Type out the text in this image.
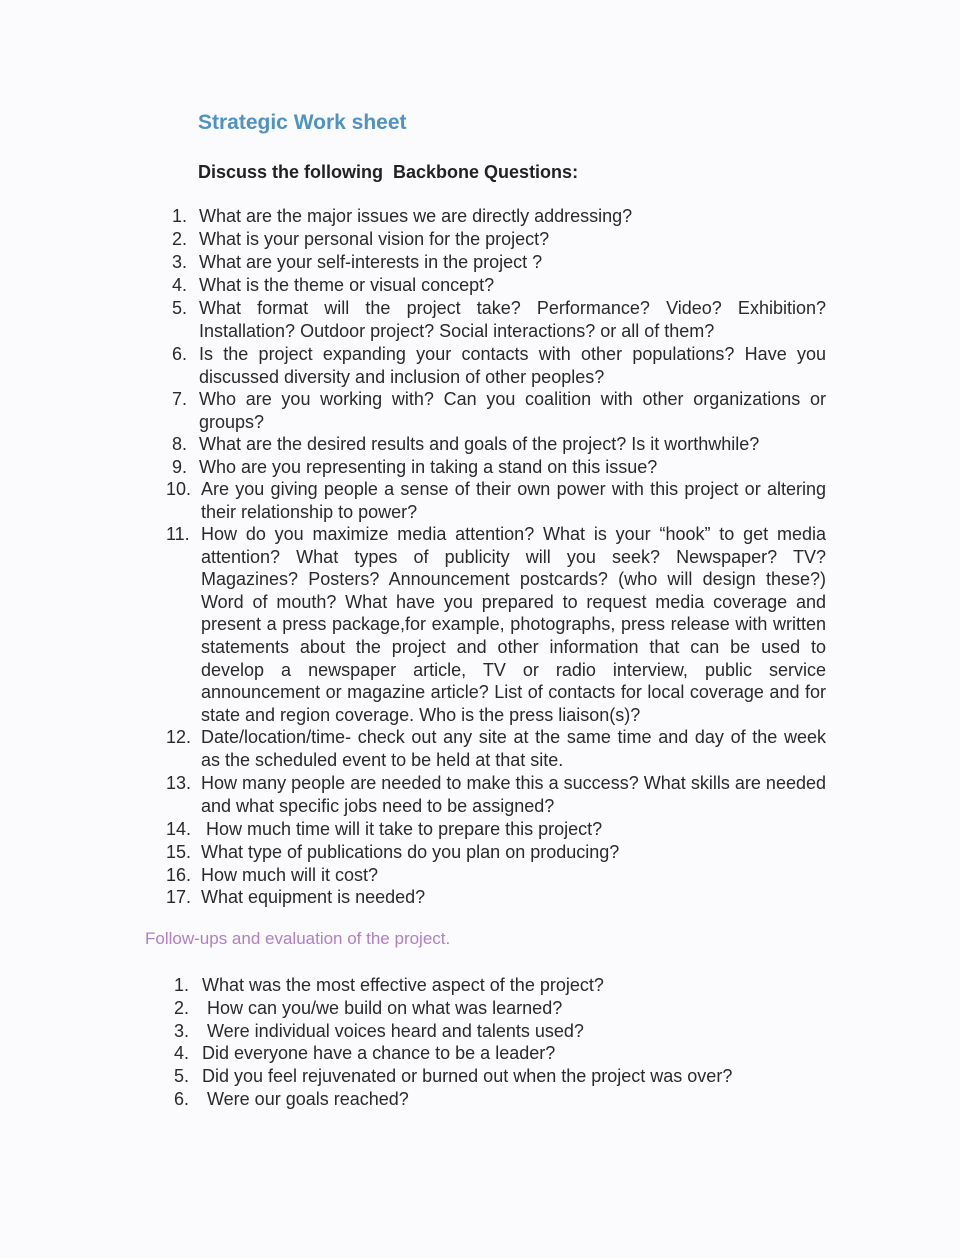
Strategic Work sheet
Discuss the following  Backbone Questions:
1. What are the major issues we are directly addressing?
2. What is your personal vision for the project?
3. What are your self-interests in the project ?
4. What is the theme or visual concept?
5. What format will the project take? Performance? Video? Exhibition? Installation? Outdoor project? Social interactions? or all of them?
6. Is the project expanding your contacts with other populations? Have you discussed diversity and inclusion of other peoples?
7. Who are you working with? Can you coalition with other organizations or groups?
8. What are the desired results and goals of the project? Is it worthwhile?
9. Who are you representing in taking a stand on this issue?
10. Are you giving people a sense of their own power with this project or altering their relationship to power?
11. How do you maximize media attention? What is your “hook” to get media attention? What types of publicity will you seek? Newspaper? TV? Magazines? Posters? Announcement postcards? (who will design these?) Word of mouth? What have you prepared to request media coverage and present a press package,for example, photographs, press release with written statements about the project and other information that can be used to develop a newspaper article, TV or radio interview, public service announcement or magazine article? List of contacts for local coverage and for state and region coverage. Who is the press liaison(s)?
12. Date/location/time- check out any site at the same time and day of the week as the scheduled event to be held at that site.
13. How many people are needed to make this a success? What skills are needed and what specific jobs need to be assigned?
14. How much time will it take to prepare this project?
15. What type of publications do you plan on producing?
16. How much will it cost?
17. What equipment is needed?
Follow-ups and evaluation of the project.
1. What was the most effective aspect of the project?
2. How can you/we build on what was learned?
3. Were individual voices heard and talents used?
4. Did everyone have a chance to be a leader?
5. Did you feel rejuvenated or burned out when the project was over?
6. Were our goals reached?
